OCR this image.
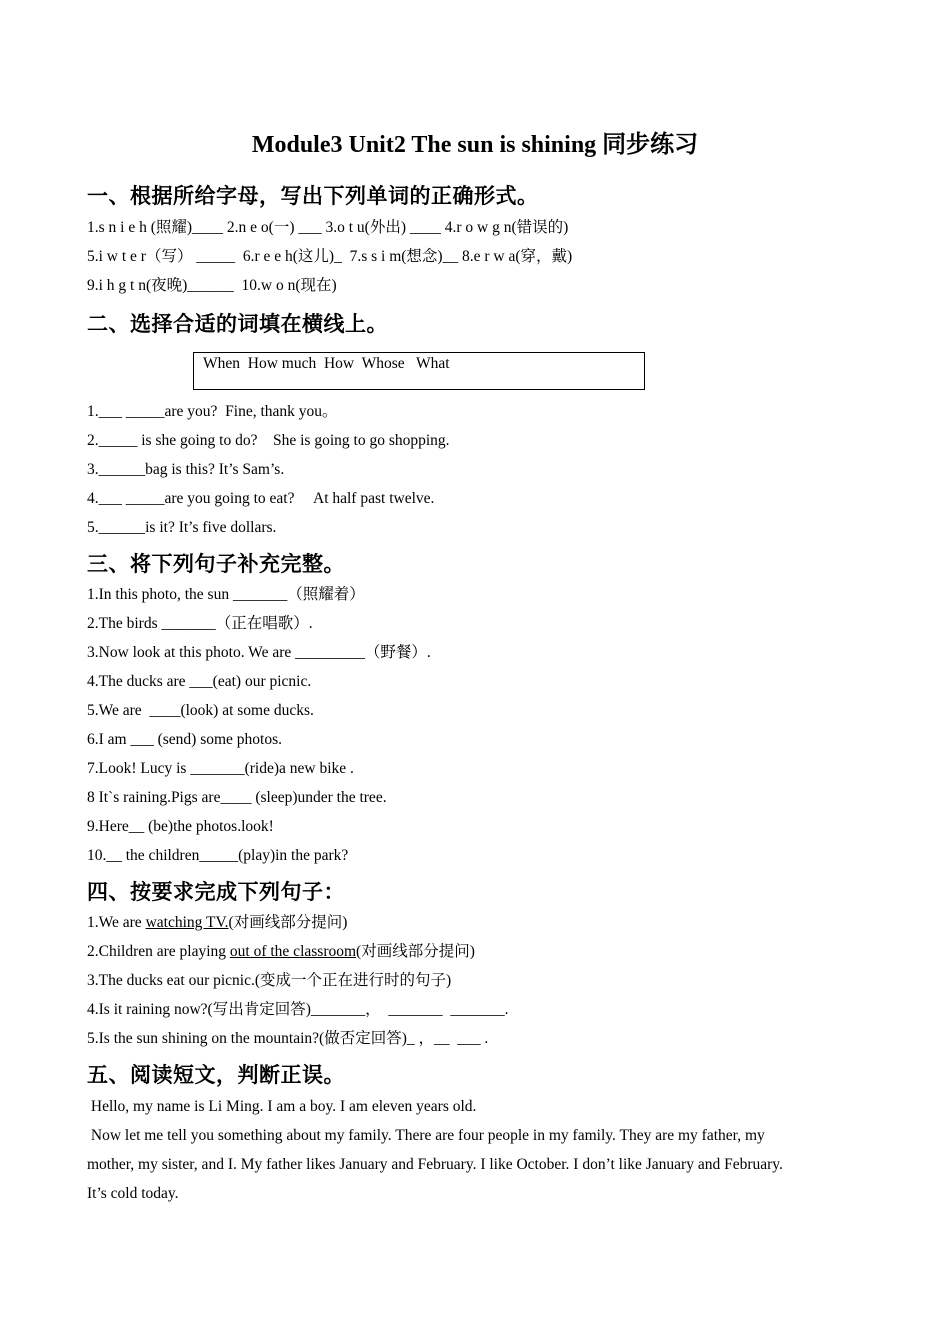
Module3 Unit2 The sun is shining 同步练习
一、根据所给字母，写出下列单词的正确形式。
1.s n i e h (照耀)____ 2.n e o(一) ___ 3.o t u(外出) ____ 4.r o w g n(错误的)
5.i w t e r（写） _____  6.r e e h(这儿)_  7.s s i m(想念)__ 8.e r w a(穿，戴)
9.i h g t n(夜晚)______  10.w o n(现在)
二、选择合适的词填在横线上。
When  How much  How  Whose   What
1.___ _____are you?  Fine, thank you。
2._____ is she going to do?    She is going to go shopping.
3.______bag is this? It’s Sam’s.
4.___ _____are you going to eat?     At half past twelve.
5.______is it? It’s five dollars.
三、将下列句子补充完整。
1.In this photo, the sun _______（照耀着）
2.The birds _______（正在唱歌）.
3.Now look at this photo. We are _________（野餐）.
4.The ducks are ___(eat) our picnic.
5.We are  ____(look) at some ducks.
6.I am ___ (send) some photos.
7.Look! Lucy is _______(ride)a new bike .
8 It`s raining.Pigs are____ (sleep)under the tree.
9.Here__ (be)the photos.look!
10.__ the children_____(play)in the park?
四、按要求完成下列句子：
1.We are watching TV.(对画线部分提问)
2.Children are playing out of the classroom(对画线部分提问)
3.The ducks eat our picnic.(变成一个正在进行时的句子)
4.Is it raining now?(写出肯定回答)_______，  _______  _______.
5.Is the sun shining on the mountain?(做否定回答)_ ，__  ___ .
五、阅读短文，判断正误。
Hello, my name is Li Ming. I am a boy. I am eleven years old.
Now let me tell you something about my family. There are four people in my family. They are my father, my
mother, my sister, and I. My father likes January and February. I like October. I don’t like January and February.
It’s cold today.
